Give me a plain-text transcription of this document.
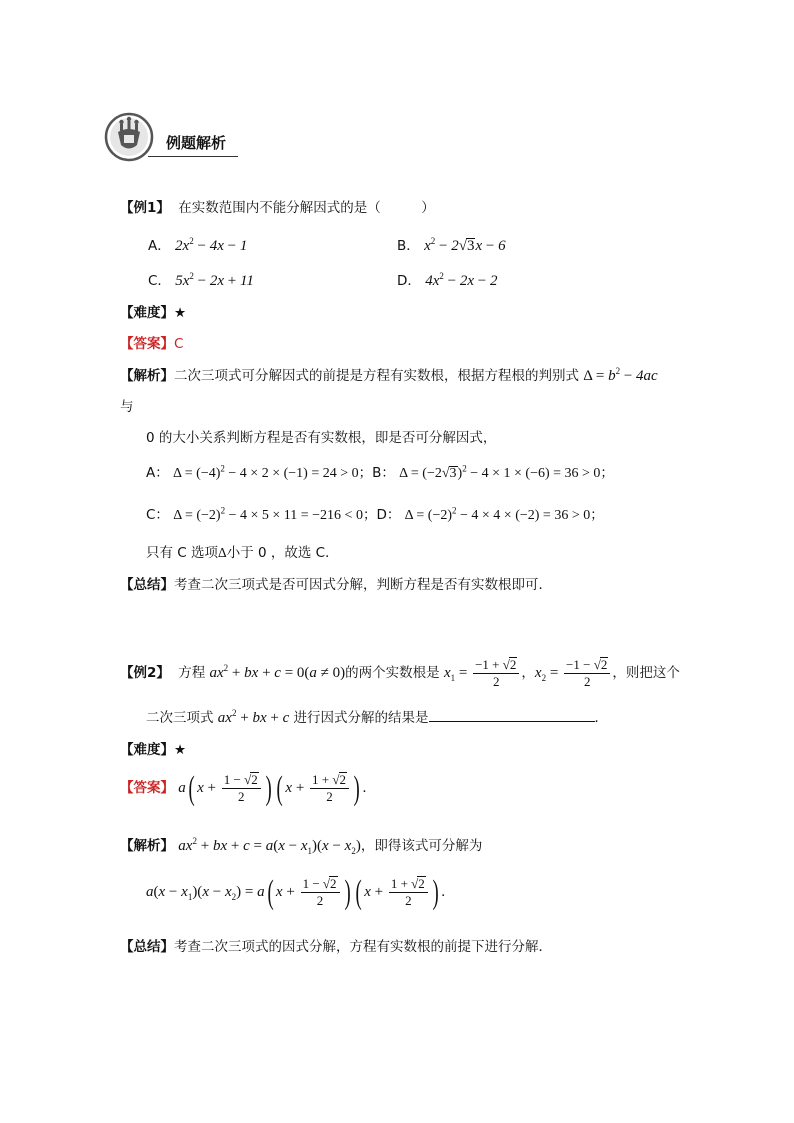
例题解析
【例1】 在实数范围内不能分解因式的是（　　　）
A． $2x^2 - 4x - 1$	B． $x^2 - 2√3x - 6$
C． $5x^2 - 2x + 11$	D． $4x^2 - 2x - 2$
【难度】★
【答案】C
【解析】二次三项式可分解因式的前提是方程有实数根，根据方程根的判别式 $\Delta = b^2 - 4ac$
与
0 的大小关系判断方程是否有实数根，即是否可分解因式，
A： $\Delta = (-4)^2 - 4 \times 2 \times (-1) = 24 > 0$；B： $\Delta = (-2√3)^2 - 4 \times 1 \times (-6) = 36 > 0$；
C： $\Delta = (-2)^2 - 4 \times 5 \times 11 = -216 < 0$；D： $\Delta = (-2)^2 - 4 \times 4 \times (-2) = 36 > 0$；
只有 C 选项Δ小于 0 ，故选 C．
【总结】考查二次三项式是否可因式分解，判断方程是否有实数根即可．
【例2】 方程 $ax^2$ + bx + c = 0(a ≠ 0)的两个实数根是 $x_1 = \frac{-1 + √2}{2}$ ，$x_2 = \frac{-1 - √2}{2}$ ，则把这个
二次三项式 $ax^2$ + bx + c 进行因式分解的结果是	．
【难度】★
【答案】 a( $x + \frac{1 - √2}{2}$ ) ( $x + \frac{1 + √2}{2}$ ) ．
【解析】 $ax^2$ + bx + $c = a(x - x_1)(x - x_2)$，即得该式可分解为
$a(x - x_1)(x - x_2) = a$( $x + \frac{1 - √2}{2}$ ) ( $x + \frac{1 + √2}{2}$ ) ．
【总结】考查二次三项式的因式分解，方程有实数根的前提下进行分解．
